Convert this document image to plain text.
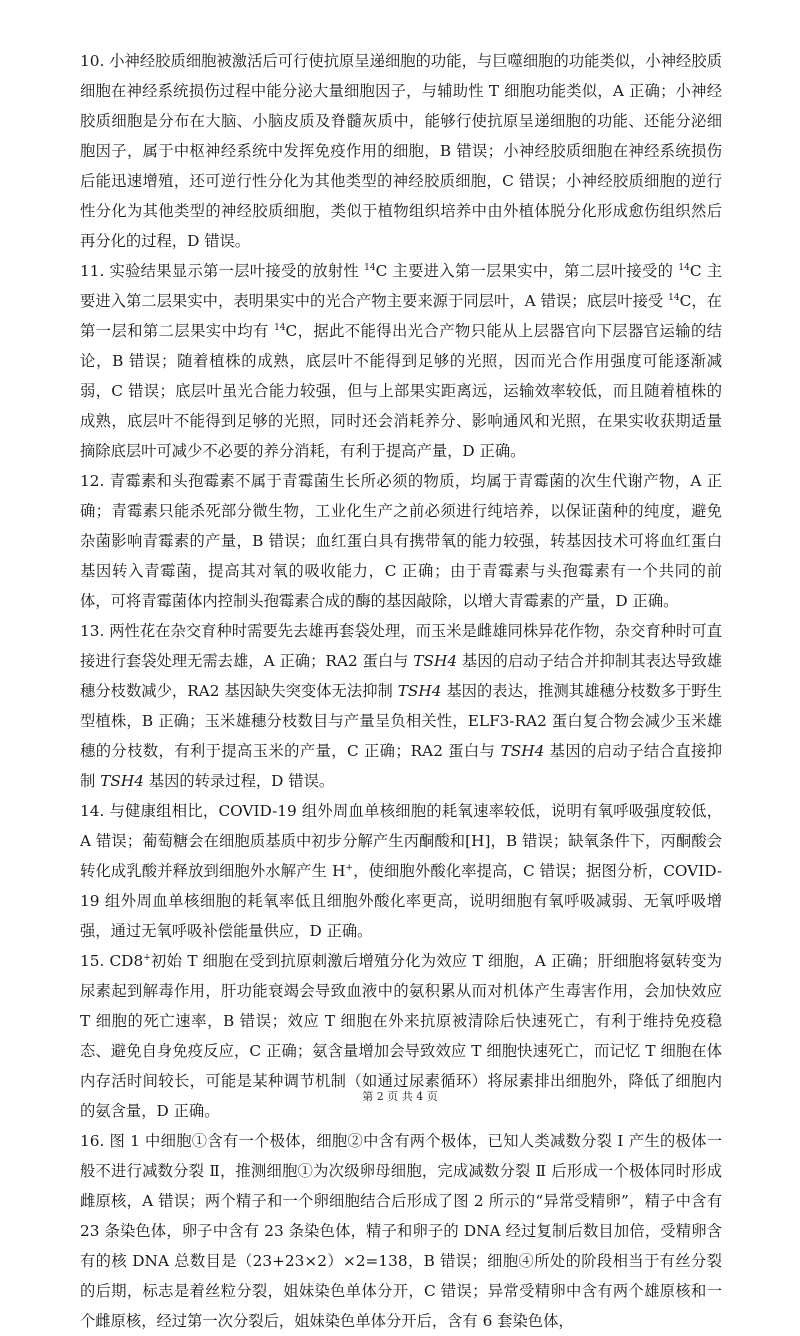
10. 小神经胶质细胞被激活后可行使抗原呈递细胞的功能，与巨噬细胞的功能类似，小神经胶质细胞在神经系统损伤过程中能分泌大量细胞因子，与辅助性 T 细胞功能类似，A 正确；小神经胶质细胞是分布在大脑、小脑皮质及脊髓灰质中，能够行使抗原呈递细胞的功能、还能分泌细胞因子，属于中枢神经系统中发挥免疫作用的细胞，B 错误；小神经胶质细胞在神经系统损伤后能迅速增殖，还可逆行性分化为其他类型的神经胶质细胞，C 错误；小神经胶质细胞的逆行性分化为其他类型的神经胶质细胞，类似于植物组织培养中由外植体脱分化形成愈伤组织然后再分化的过程，D 错误。

11. 实验结果显示第一层叶接受的放射性 $^{14}$C 主要进入第一层果实中，第二层叶接受的 $^{14}$C 主要进入第二层果实中，表明果实中的光合产物主要来源于同层叶，A 错误；底层叶接受 $^{14}$C，在第一层和第二层果实中均有 $^{14}$C，据此不能得出光合产物只能从上层器官向下层器官运输的结论，B 错误；随着植株的成熟，底层叶不能得到足够的光照，因而光合作用强度可能逐渐减弱，C 错误；底层叶虽光合能力较强，但与上部果实距离远，运输效率较低，而且随着植株的成熟，底层叶不能得到足够的光照，同时还会消耗养分、影响通风和光照，在果实收获期适量摘除底层叶可减少不必要的养分消耗，有利于提高产量，D 正确。

12. 青霉素和头孢霉素不属于青霉菌生长所必须的物质，均属于青霉菌的次生代谢产物，A 正确；青霉素只能杀死部分微生物，工业化生产之前必须进行纯培养，以保证菌种的纯度，避免杂菌影响青霉素的产量，B 错误；血红蛋白具有携带氧的能力较强，转基因技术可将血红蛋白基因转入青霉菌，提高其对氧的吸收能力，C 正确；由于青霉素与头孢霉素有一个共同的前体，可将青霉菌体内控制头孢霉素合成的酶的基因敲除，以增大青霉素的产量，D 正确。

13. 两性花在杂交育种时需要先去雄再套袋处理，而玉米是雌雄同株异花作物，杂交育种时可直接进行套袋处理无需去雄，A 正确；RA2 蛋白与 TSH4 基因的启动子结合并抑制其表达导致雄穗分枝数减少，RA2 基因缺失突变体无法抑制 TSH4 基因的表达，推测其雄穗分枝数多于野生型植株，B 正确；玉米雄穗分枝数目与产量呈负相关性，ELF3-RA2 蛋白复合物会减少玉米雄穗的分枝数，有利于提高玉米的产量，C 正确；RA2 蛋白与 TSH4 基因的启动子结合直接抑制 TSH4 基因的转录过程，D 错误。

14. 与健康组相比，COVID-19 组外周血单核细胞的耗氧速率较低，说明有氧呼吸强度较低，A 错误；葡萄糖会在细胞质基质中初步分解产生丙酮酸和[H]，B 错误；缺氧条件下，丙酮酸会转化成乳酸并释放到细胞外水解产生 H+，使细胞外酸化率提高，C 错误；据图分析，COVID-19 组外周血单核细胞的耗氧率低且细胞外酸化率更高，说明细胞有氧呼吸减弱、无氧呼吸增强，通过无氧呼吸补偿能量供应，D 正确。

15. CD8+初始 T 细胞在受到抗原刺激后增殖分化为效应 T 细胞，A 正确；肝细胞将氨转变为尿素起到解毒作用，肝功能衰竭会导致血液中的氨积累从而对机体产生毒害作用，会加快效应 T 细胞的死亡速率，B 错误；效应 T 细胞在外来抗原被清除后快速死亡，有利于维持免疫稳态、避免自身免疫反应，C 正确；氨含量增加会导致效应 T 细胞快速死亡，而记忆 T 细胞在体内存活时间较长，可能是某种调节机制（如通过尿素循环）将尿素排出细胞外，降低了细胞内的氨含量，D 正确。

16. 图 1 中细胞①含有一个极体，细胞②中含有两个极体，已知人类减数分裂 Ⅰ 产生的极体一般不进行减数分裂 Ⅱ，推测细胞①为次级卵母细胞，完成减数分裂 Ⅱ 后形成一个极体同时形成雌原核，A 错误；两个精子和一个卵细胞结合后形成了图 2 所示的“异常受精卵”，精子中含有 23 条染色体，卵子中含有 23 条染色体，精子和卵子的 DNA 经过复制后数目加倍，受精卵含有的核 DNA 总数目是（23+23×2）×2=138，B 错误；细胞④所处的阶段相当于有丝分裂的后期，标志是着丝粒分裂，姐妹染色单体分开，C 错误；异常受精卵中含有两个雄原核和一个雌原核，经过第一次分裂后，姐妹染色单体分开后，含有 6 套染色体，

第 2 页 共 4 页
